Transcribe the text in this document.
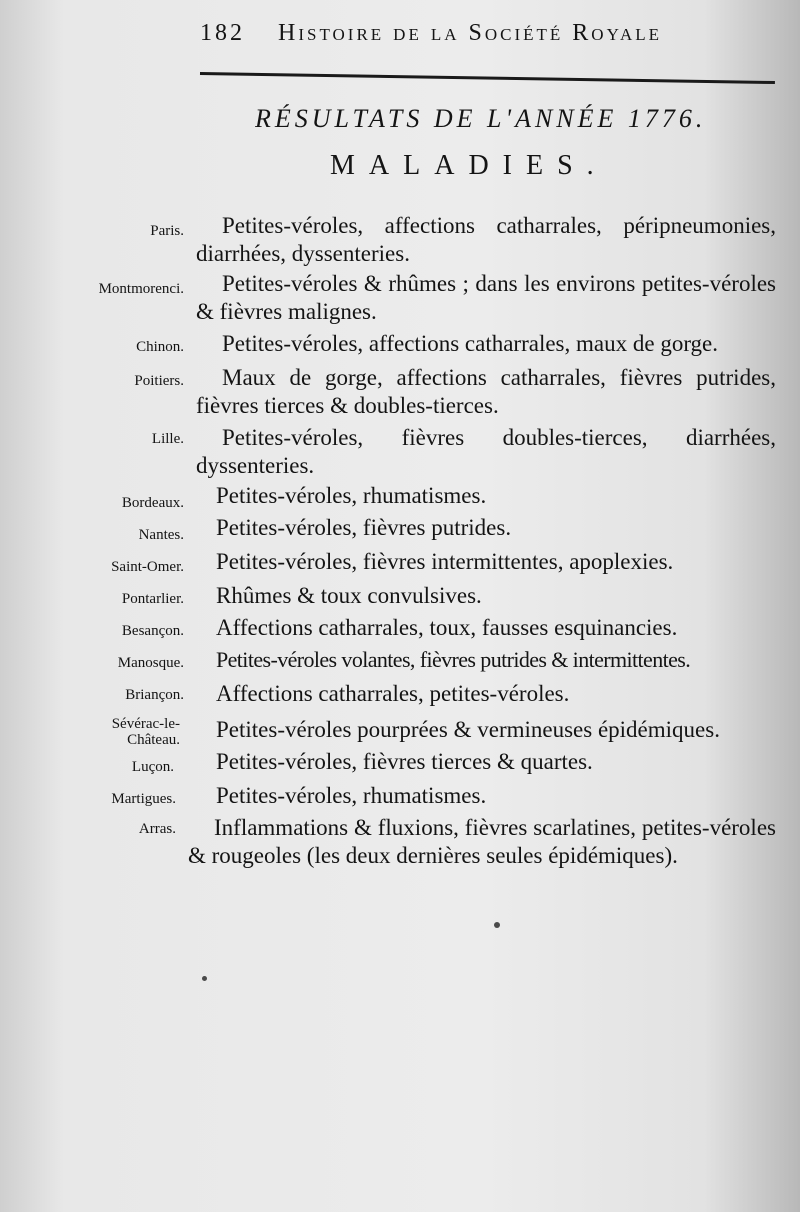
182 Histoire de la Société Royale
RÉSULTATS DE L'ANNÉE 1776.
MALADIES.
Paris.	Petites-véroles, affections catharrales, péripneumonies, diarrhées, dyssenteries.
Montmorenci.	Petites-véroles & rhûmes ; dans les environs petites-véroles & fièvres malignes.
Chinon.	Petites-véroles, affections catharrales, maux de gorge.
Poitiers.	Maux de gorge, affections catharrales, fièvres putrides, fièvres tierces & doubles-tierces.
Lille.	Petites-véroles, fièvres doubles-tierces, diarrhées, dyssenteries.
Bordeaux. Petites-véroles, rhumatismes.
Nantes. Petites-véroles, fièvres putrides.
Saint-Omer. Petites-véroles, fièvres intermittentes, apoplexies.
Pontarlier. Rhûmes & toux convulsives.
Besançon. Affections catharrales, toux, fausses esquinancies.
Manosque. Petites-véroles volantes, fièvres putrides & intermittentes.
Briançon. Affections catharrales, petites-véroles.
Sévérac-le-Château. Petites-véroles pourprées & vermineuses épidémiques.
Luçon. Petites-véroles, fièvres tierces & quartes.
Martigues. Petites-véroles, rhumatismes.
Arras.	Inflammations & fluxions, fièvres scarlatines, petites-véroles & rougeoles (les deux dernières seules épidémiques).
